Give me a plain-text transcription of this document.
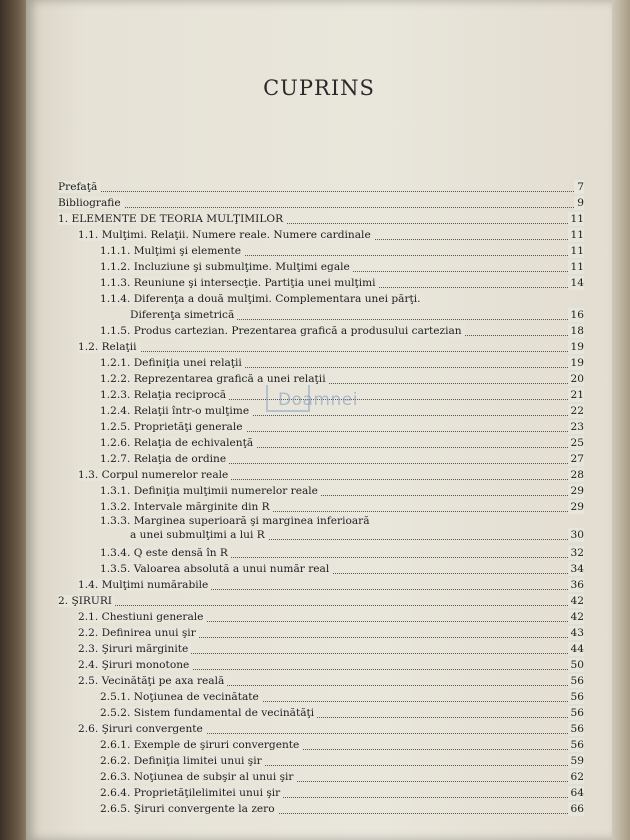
CUPRINS
Prefaţă	7
Bibliografie	9
1. ELEMENTE DE TEORIA MULŢIMILOR	11
1.1. Mulţimi. Relaţii. Numere reale. Numere cardinale	11
1.1.1. Mulţimi şi elemente	11
1.1.2. Incluziune şi submulţime. Mulţimi egale	11
1.1.3. Reuniune şi intersecţie. Partiţia unei mulţimi	14
1.1.4. Diferenţa a două mulţimi. Complementara unei părţi.
Diferenţa simetrică	16
1.1.5. Produs cartezian. Prezentarea grafică a produsului cartezian	18
1.2. Relaţii	19
1.2.1. Definiţia unei relaţii	19
1.2.2. Reprezentarea grafică a unei relaţii	20
1.2.3. Relaţia reciprocă	21
1.2.4. Relaţii într-o mulţime	22
1.2.5. Proprietăţi generale	23
1.2.6. Relaţia de echivalenţă	25
1.2.7. Relaţia de ordine	27
1.3. Corpul numerelor reale	28
1.3.1. Definiţia mulţimii numerelor reale	29
1.3.2. Intervale mărginite din R	29
1.3.3. Marginea superioară şi marginea inferioară
a unei submulţimi a lui R	30
1.3.4. Q este densă în R	32
1.3.5. Valoarea absolută a unui număr real	34
1.4. Mulţimi numărabile	36
2. ŞIRURI	42
2.1. Chestiuni generale	42
2.2. Definirea unui şir	43
2.3. Şiruri mărginite	44
2.4. Şiruri monotone	50
2.5. Vecinătăţi pe axa reală	56
2.5.1. Noţiunea de vecinătate	56
2.5.2. Sistem fundamental de vecinătăţi	56
2.6. Şiruri convergente	56
2.6.1. Exemple de şiruri convergente	56
2.6.2. Definiţia limitei unui şir	59
2.6.3. Noţiunea de subşir al unui şir	62
2.6.4. Proprietăţilelimitei unui şir	64
2.6.5. Şiruri convergente la zero	66
Doamnei
